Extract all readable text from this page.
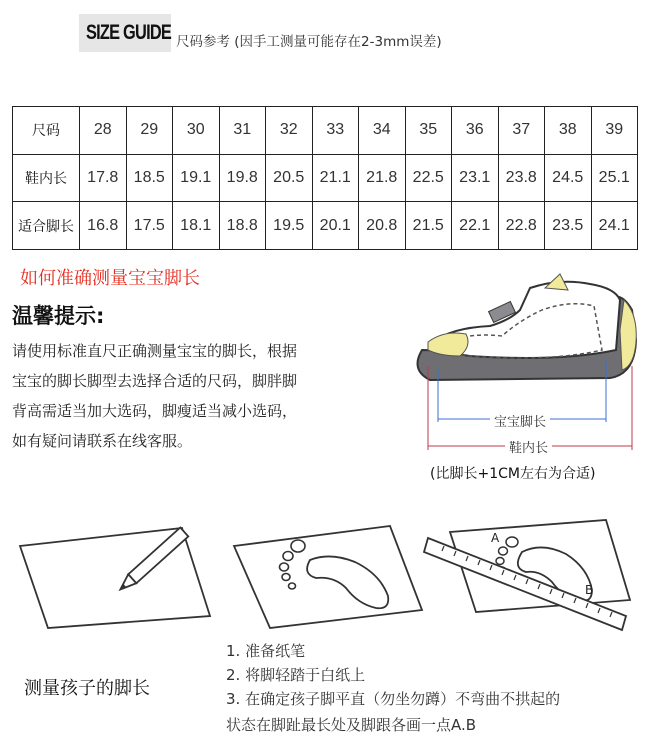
SIZE GUIDE 尺码参考 (因手工测量可能存在2-3mm误差)
尺码	28	29	30	31	32	33	34	35	36	37	38	39
鞋内长	17.8	18.5	19.1	19.8	20.5	21.1	21.8	22.5	23.1	23.8	24.5	25.1
适合脚长	16.8	17.5	18.1	18.8	19.5	20.1	20.8	21.5	22.1	22.8	23.5	24.1
如何准确测量宝宝脚长
温馨提示:
请使用标准直尺正确测量宝宝的脚长，根据
宝宝的脚长脚型去选择合适的尺码，脚胖脚
背高需适当加大选码，脚瘦适当减小选码，
如有疑问请联系在线客服。
宝宝脚长
鞋内长
(比脚长+1CM左右为合适)
A
B
测量孩子的脚长
1. 准备纸笔
2. 将脚轻踏于白纸上
3. 在确定孩子脚平直（勿坐勿蹲）不弯曲不拱起的
状态在脚趾最长处及脚跟各画一点A.B
